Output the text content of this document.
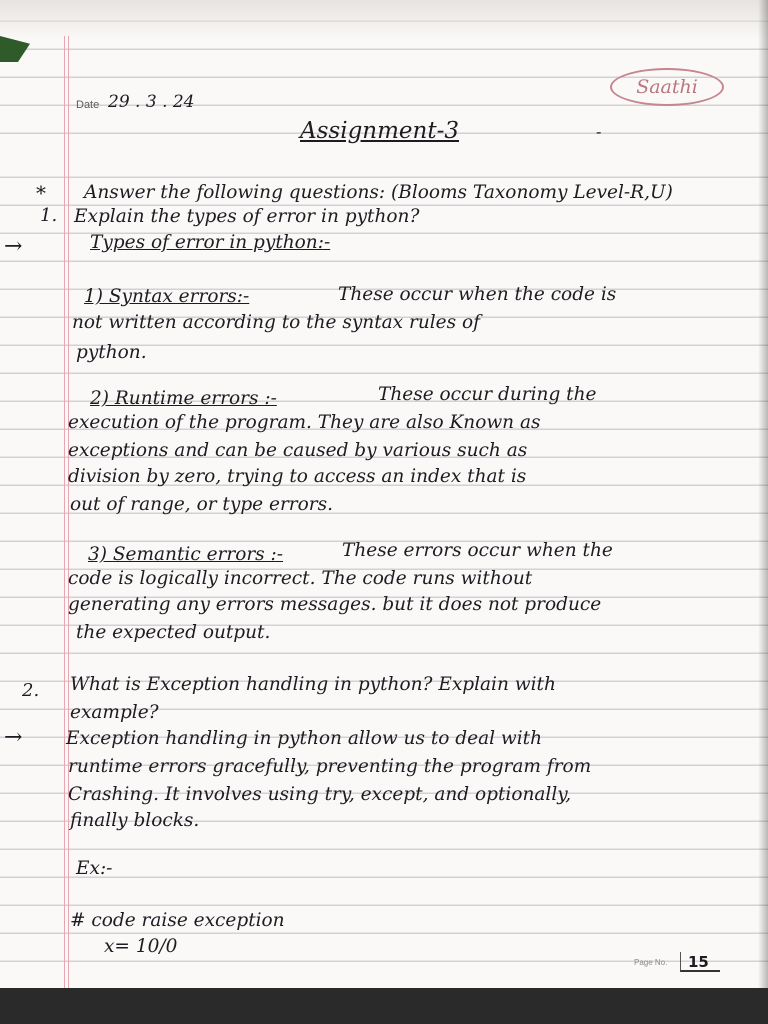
Date 29 . 3 . 24
Saathi
Assignment-3	-
* Answer the following questions: (Blooms Taxonomy Level-R,U)
1. Explain the types of error in python?
→	Types of error in python:-
1) Syntax errors:-	These occur when the code is
not written according to the syntax rules of
python.
2) Runtime errors :-	These occur during the
execution of the program. They are also Known as
exceptions and can be caused by various such as
division by zero, trying to access an index that is
out of range, or type errors.
3) Semantic errors :-	These errors occur when the
code is logically incorrect. The code runs without
generating any errors messages. but it does not produce
the expected output.
2. What is Exception handling in python? Explain with
example?
→ Exception handling in python allow us to deal with
runtime errors gracefully, preventing the program from
Crashing. It involves using try, except, and optionally,
finally blocks.
Ex:-
# code raise exception
x= 10/0
Page No. 15
